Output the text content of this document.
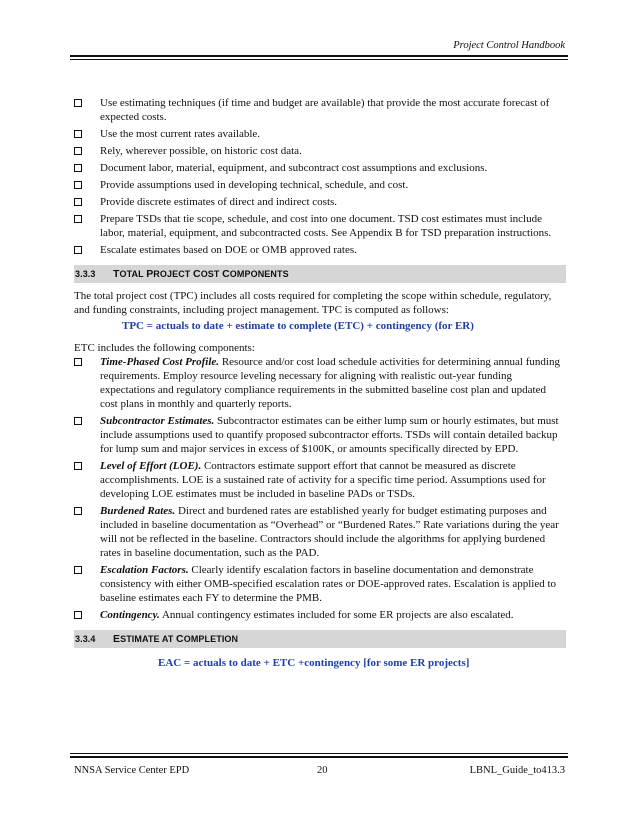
Project Control Handbook
Use estimating techniques (if time and budget are available) that provide the most accurate forecast of expected costs.
Use the most current rates available.
Rely, wherever possible, on historic cost data.
Document labor, material, equipment, and subcontract cost assumptions and exclusions.
Provide assumptions used in developing technical, schedule, and cost.
Provide discrete estimates of direct and indirect costs.
Prepare TSDs that tie scope, schedule, and cost into one document. TSD cost estimates must include labor, material, equipment, and subcontracted costs. See Appendix B for TSD preparation instructions.
Escalate estimates based on DOE or OMB approved rates.
3.3.3 TOTAL PROJECT COST COMPONENTS

The total project cost (TPC) includes all costs required for completing the scope within schedule, regulatory, and funding constraints, including project management. TPC is computed as follows:

TPC = actuals to date + estimate to complete (ETC) + contingency (for ER)

ETC includes the following components:

Time-Phased Cost Profile. Resource and/or cost load schedule activities for determining annual funding requirements. Employ resource leveling necessary for aligning with realistic out-year funding expectations and regulatory compliance requirements in the submitted baseline cost plan and updated cost plans in monthly and quarterly reports.
Subcontractor Estimates. Subcontractor estimates can be either lump sum or hourly estimates, but must include assumptions used to quantify proposed subcontractor efforts. TSDs will contain detailed backup for lump sum and major services in excess of $100K, or amounts specifically directed by EPD.
Level of Effort (LOE). Contractors estimate support effort that cannot be measured as discrete accomplishments. LOE is a sustained rate of activity for a specific time period. Assumptions used for developing LOE estimates must be included in baseline PADs or TSDs.
Burdened Rates. Direct and burdened rates are established yearly for budget estimating purposes and included in baseline documentation as “Overhead” or “Burdened Rates.” Rate variations during the year will not be reflected in the baseline. Contractors should include the algorithms for applying burdened rates in baseline documentation, such as the PAD.
Escalation Factors. Clearly identify escalation factors in baseline documentation and demonstrate consistency with either OMB-specified escalation rates or DOE-approved rates. Escalation is applied to baseline estimates each FY to determine the PMB.
Contingency. Annual contingency estimates included for some ER projects are also escalated.
3.3.4 ESTIMATE AT COMPLETION
EAC = actuals to date + ETC +contingency [for some ER projects]
NNSA Service Center EPD	20	LBNL_Guide_to413.3
